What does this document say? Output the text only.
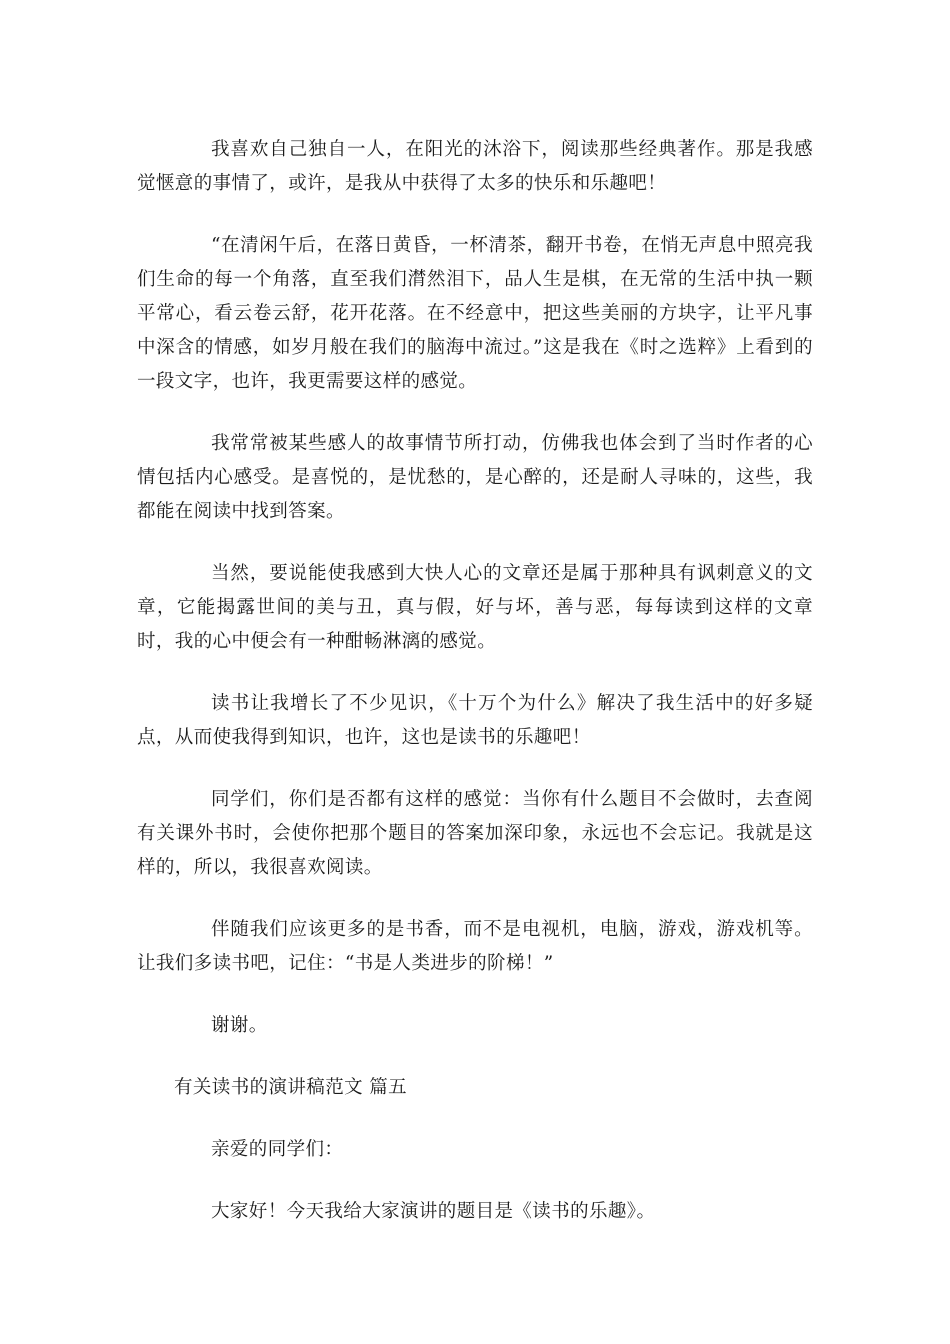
我喜欢自己独自一人，在阳光的沐浴下，阅读那些经典著作。那是我感觉惬意的事情了，或许，是我从中获得了太多的快乐和乐趣吧！

“在清闲午后，在落日黄昏，一杯清茶，翻开书卷，在悄无声息中照亮我们生命的每一个角落，直至我们潸然泪下，品人生是棋，在无常的生活中执一颗平常心，看云卷云舒，花开花落。在不经意中，把这些美丽的方块字，让平凡事中深含的情感，如岁月般在我们的脑海中流过。”这是我在《时之选粹》上看到的一段文字，也许，我更需要这样的感觉。

我常常被某些感人的故事情节所打动，仿佛我也体会到了当时作者的心情包括内心感受。是喜悦的，是忧愁的，是心醉的，还是耐人寻味的，这些，我都能在阅读中找到答案。

当然，要说能使我感到大快人心的文章还是属于那种具有讽刺意义的文章，它能揭露世间的美与丑，真与假，好与坏，善与恶，每每读到这样的文章时，我的心中便会有一种酣畅淋漓的感觉。

读书让我增长了不少见识，《十万个为什么》解决了我生活中的好多疑点，从而使我得到知识，也许，这也是读书的乐趣吧！

同学们，你们是否都有这样的感觉：当你有什么题目不会做时，去查阅有关课外书时，会使你把那个题目的答案加深印象，永远也不会忘记。我就是这样的，所以，我很喜欢阅读。

伴随我们应该更多的是书香，而不是电视机，电脑，游戏，游戏机等。让我们多读书吧，记住：“书是人类进步的阶梯！”

谢谢。

有关读书的演讲稿范文 篇五

亲爱的同学们：

大家好！今天我给大家演讲的题目是《读书的乐趣》。
